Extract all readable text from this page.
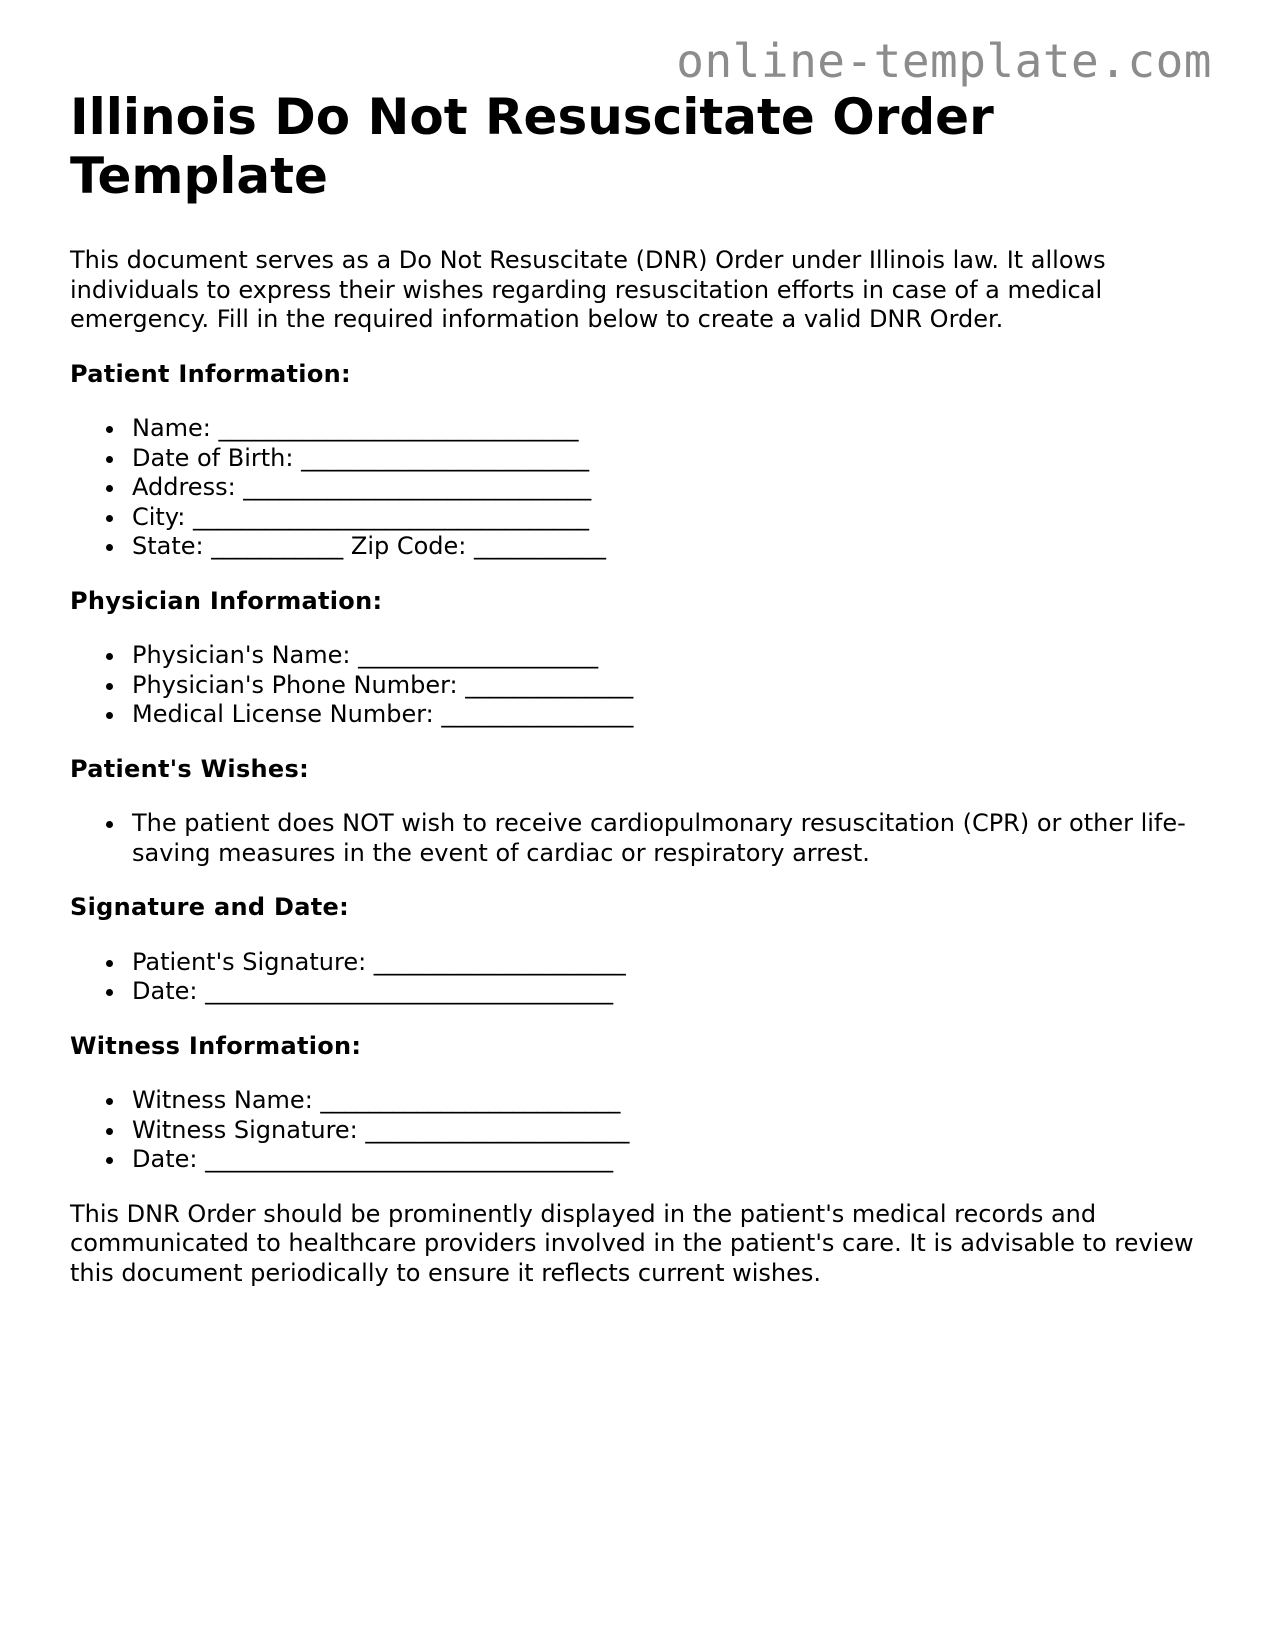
online-template.com
Illinois Do Not Resuscitate Order Template

This document serves as a Do Not Resuscitate (DNR) Order under Illinois law. It allows individuals to express their wishes regarding resuscitation efforts in case of a medical emergency. Fill in the required information below to create a valid DNR Order.

Patient Information:
Name: ______________________________
Date of Birth: ________________________
Address: _____________________________
City: _________________________________
State: ___________ Zip Code: ___________
Physician Information:
Physician's Name: ____________________
Physician's Phone Number: ______________
Medical License Number: ________________
Patient's Wishes:
The patient does NOT wish to receive cardiopulmonary resuscitation (CPR) or other life-saving measures in the event of cardiac or respiratory arrest.
Signature and Date:
Patient's Signature: _____________________
Date: __________________________________
Witness Information:
Witness Name: _________________________
Witness Signature: ______________________
Date: __________________________________

This DNR Order should be prominently displayed in the patient's medical records and communicated to healthcare providers involved in the patient's care. It is advisable to review this document periodically to ensure it reflects current wishes.
